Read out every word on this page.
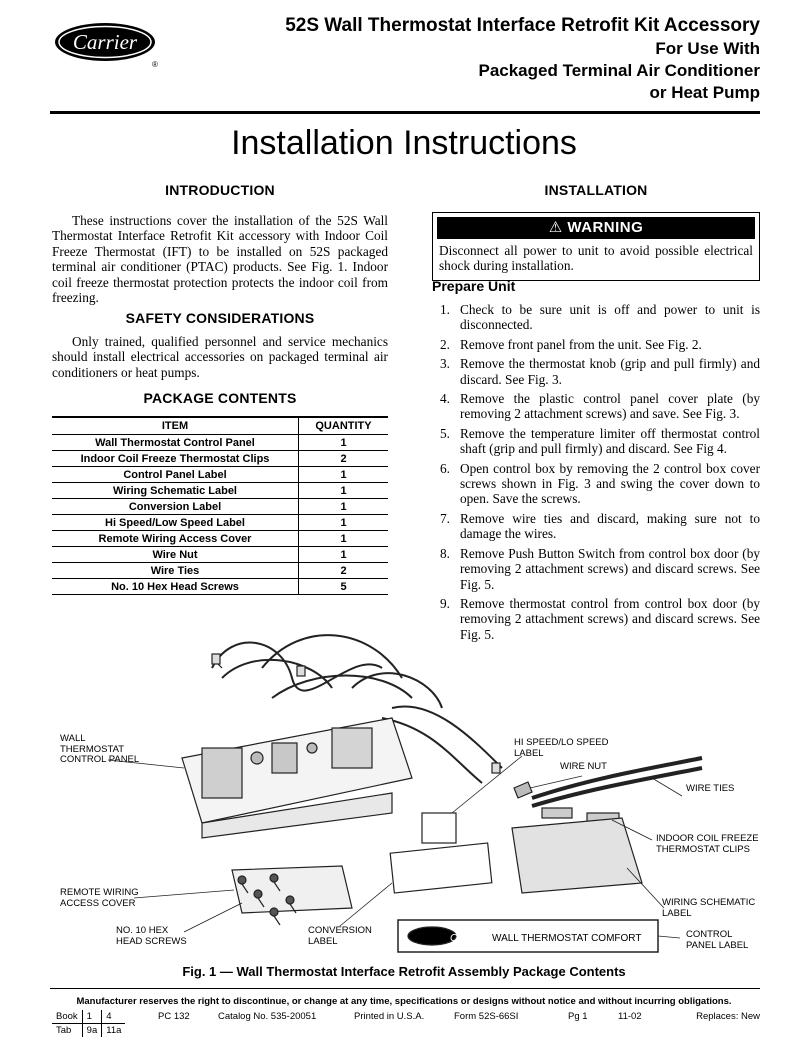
Carrier
®
52S Wall Thermostat Interface Retrofit Kit Accessory
For Use With
Packaged Terminal Air Conditioner
or Heat Pump
Installation Instructions
INTRODUCTION

These instructions cover the installation of the 52S Wall Thermostat Interface Retrofit Kit accessory with Indoor Coil Freeze Thermostat (IFT) to be installed on 52S packaged terminal air conditioner (PTAC) products. See Fig. 1. Indoor coil freeze thermostat protection protects the indoor coil from freezing.

SAFETY CONSIDERATIONS

Only trained, qualified personnel and service mechanics should install electrical accessories on packaged terminal air conditioners or heat pumps.

PACKAGE CONTENTS
ITEM	QUANTITY
Wall Thermostat Control Panel	1
Indoor Coil Freeze Thermostat Clips	2
Control Panel Label	1
Wiring Schematic Label	1
Conversion Label	1
Hi Speed/Low Speed Label	1
Remote Wiring Access Cover	1
Wire Nut	1
Wire Ties	2
No. 10 Hex Head Screws	5
INSTALLATION
⚠ WARNING
Disconnect all power to unit to avoid possible electrical shock during installation.
Prepare Unit
1. Check to be sure unit is off and power to unit is disconnected.
2. Remove front panel from the unit. See Fig. 2.
3. Remove the thermostat knob (grip and pull firmly) and discard. See Fig. 3.
4. Remove the plastic control panel cover plate (by removing 2 attachment screws) and save. See Fig. 3.
5. Remove the temperature limiter off thermostat control shaft (grip and pull firmly) and discard. See Fig 4.
6. Open control box by removing the 2 control box cover screws shown in Fig. 3 and swing the cover down to open. Save the screws.
7. Remove wire ties and discard, making sure not to damage the wires.
8. Remove Push Button Switch from control box door (by removing 2 attachment screws) and discard screws. See Fig. 5.
9. Remove thermostat control from control box door (by removing 2 attachment screws) and discard screws. See Fig. 5.
Carrier WALL THERMOSTAT COMFORT
WALL THERMOSTAT CONTROL PANEL
HI SPEED/LO SPEED LABEL
WIRE NUT
WIRE TIES
INDOOR COIL FREEZE THERMOSTAT CLIPS
REMOTE WIRING ACCESS COVER	WIRING SCHEMATIC LABEL
NO. 10 HEX HEAD SCREWS
CONVERSION LABEL
CONTROL PANEL LABEL
Fig. 1 — Wall Thermostat Interface Retrofit Assembly Package Contents
Manufacturer reserves the right to discontinue, or change at any time, specifications or designs without notice and without incurring obligations.
Book	1	4
Tab	9a	11a
PC 132	Catalog No. 535-20051	Printed in U.S.A.	Form 52S-66SI	Pg 1	11-02	Replaces: New
